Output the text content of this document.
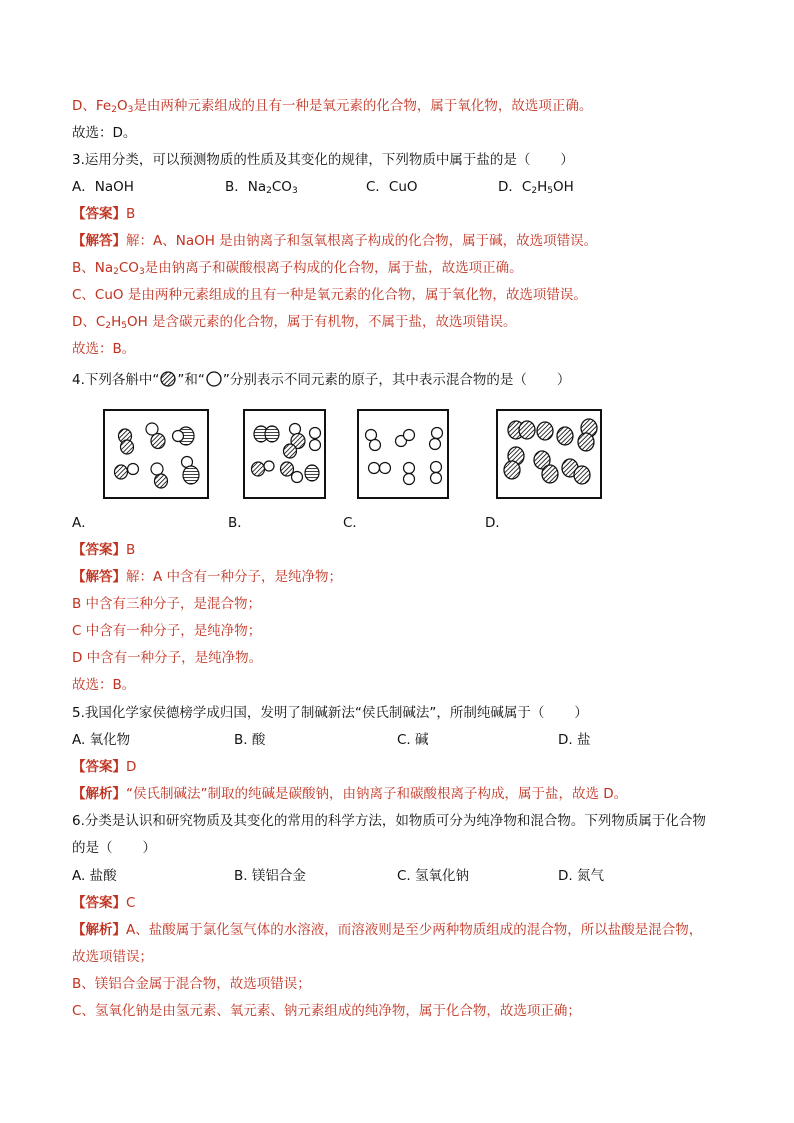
D、$Fe_2O_3$是由两种元素组成的且有一种是氧元素的化合物，属于氧化物，故选项正确。
故选：D。
3.运用分类，可以预测物质的性质及其变化的规律，下列物质中属于盐的是（ ）
A．NaOH	B．$Na_2CO_3$	C．CuO	D．$C_2H_5OH$
【答案】B
【解答】解：A、NaOH 是由钠离子和氢氧根离子构成的化合物，属于碱，故选项错误。
B、$Na_2CO_3$是由钠离子和碳酸根离子构成的化合物，属于盐，故选项正确。
C、CuO 是由两种元素组成的且有一种是氧元素的化合物，属于氧化物，故选项错误。
D、$C_2H_5OH$ 是含碳元素的化合物，属于有机物，不属于盐，故选项错误。
故选：B。
4.下列各斛中“ ”和“ ”分别表示不同元素的原子，其中表示混合物的是（ ）
A．	B．	C．	D．
【答案】B
【解答】解：A 中含有一种分子，是纯净物；
B 中含有三种分子，是混合物；
C 中含有一种分子，是纯净物；
D 中含有一种分子，是纯净物。
故选：B。
5.我国化学家侯德榜学成归国，发明了制碱新法“侯氏制碱法”，所制纯碱属于（ ）
A. 氧化物	B. 酸	C. 碱	D. 盐
【答案】D
【解析】“侯氏制碱法”制取的纯碱是碳酸钠，由钠离子和碳酸根离子构成，属于盐，故选 D。
6.分类是认识和研究物质及其变化的常用的科学方法，如物质可分为纯净物和混合物。下列物质属于化合物
的是（ ）
A. 盐酸	B. 镁铝合金	C. 氢氧化钠	D. 氮气
【答案】C
【解析】A、盐酸属于氯化氢气体的水溶液，而溶液则是至少两种物质组成的混合物，所以盐酸是混合物，
故选项错误；
B、镁铝合金属于混合物，故选项错误；
C、氢氧化钠是由氢元素、氧元素、钠元素组成的纯净物，属于化合物，故选项正确；
